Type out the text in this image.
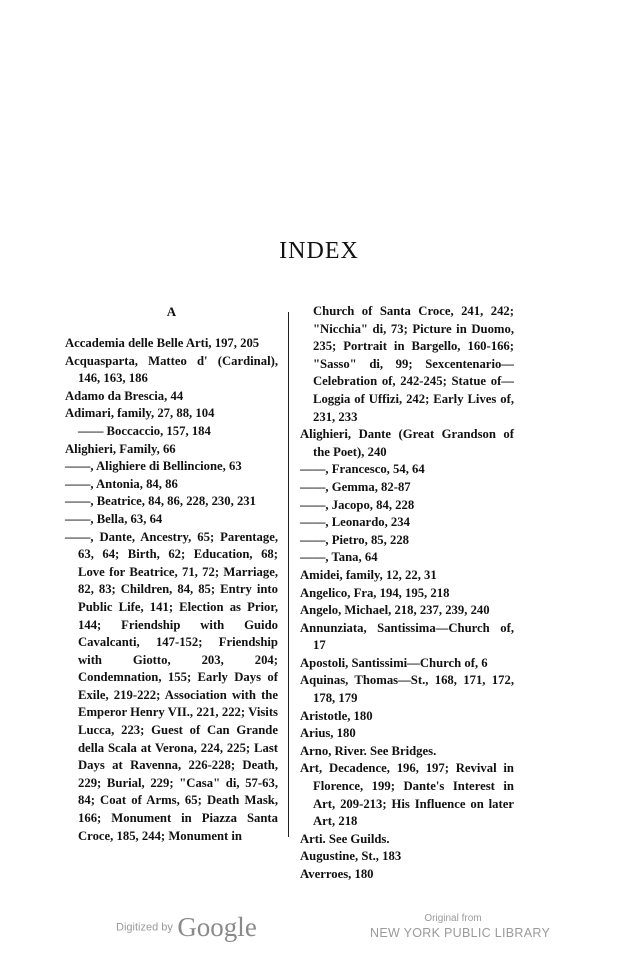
INDEX
A

Accademia delle Belle Arti, 197, 205

Acquasparta, Matteo d' (Cardinal), 146, 163, 186

Adamo da Brescia, 44

Adimari, family, 27, 88, 104

—— Boccaccio, 157, 184

Alighieri, Family, 66

——, Alighiere di Bellincione, 63

——, Antonia, 84, 86

——, Beatrice, 84, 86, 228, 230, 231

——, Bella, 63, 64

——, Dante, Ancestry, 65; Parentage, 63, 64; Birth, 62; Education, 68; Love for Beatrice, 71, 72; Marriage, 82, 83; Children, 84, 85; Entry into Public Life, 141; Election as Prior, 144; Friendship with Guido Cavalcanti, 147-152; Friendship with Giotto, 203, 204; Condemnation, 155; Early Days of Exile, 219-222; Association with the Emperor Henry VII., 221, 222; Visits Lucca, 223; Guest of Can Grande della Scala at Verona, 224, 225; Last Days at Ravenna, 226-228; Death, 229; Burial, 229; "Casa" di, 57-63, 84; Coat of Arms, 65; Death Mask, 166; Monument in Piazza Santa Croce, 185, 244; Monument in

Church of Santa Croce, 241, 242; "Nicchia" di, 73; Picture in Duomo, 235; Portrait in Bargello, 160-166; "Sasso" di, 99; Sexcentenario—Celebration of, 242-245; Statue of—Loggia of Uffizi, 242; Early Lives of, 231, 233

Alighieri, Dante (Great Grandson of the Poet), 240

——, Francesco, 54, 64

——, Gemma, 82-87

——, Jacopo, 84, 228

——, Leonardo, 234

——, Pietro, 85, 228

——, Tana, 64

Amidei, family, 12, 22, 31

Angelico, Fra, 194, 195, 218

Angelo, Michael, 218, 237, 239, 240

Annunziata, Santissima—Church of, 17

Apostoli, Santissimi—Church of, 6

Aquinas, Thomas—St., 168, 171, 172, 178, 179

Aristotle, 180

Arius, 180

Arno, River. See Bridges.

Art, Decadence, 196, 197; Revival in Florence, 199; Dante's Interest in Art, 209-213; His Influence on later Art, 218

Arti. See Guilds.

Augustine, St., 183

Averroes, 180

Digitized by Google	Original from
NEW YORK PUBLIC LIBRARY
